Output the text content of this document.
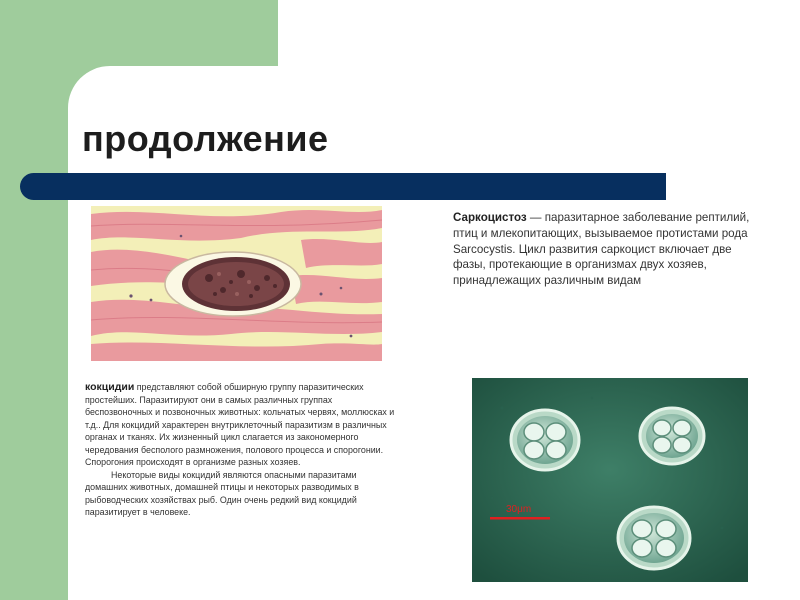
продолжение
30μm
Саркоцистоз — паразитарное заболевание рептилий, птиц и млекопитающих, вызываемое протистами рода Sarcocystis. Цикл развития саркоцист включает две фазы, протекающие в организмах двух хозяев, принадлежащих различным видам

кокцидии представляют собой обширную группу паразитических простейших. Паразитируют они в самых различных группах беспозвоночных и позвоночных животных: кольчатых червях, моллюсках и т.д.. Для кокцидий характерен внутриклеточный паразитизм в различных органах и тканях. Их жизненный цикл слагается из закономерного чередования бесполого размножения, полового процесса и спорогонии. Спорогония происходят в организме разных хозяев.

Некоторые виды кокцидий являются опасными паразитами домашних животных, домашней птицы и некоторых разводимых в рыбоводческих хозяйствах рыб. Один очень редкий вид кокцидий паразитирует в человеке.
